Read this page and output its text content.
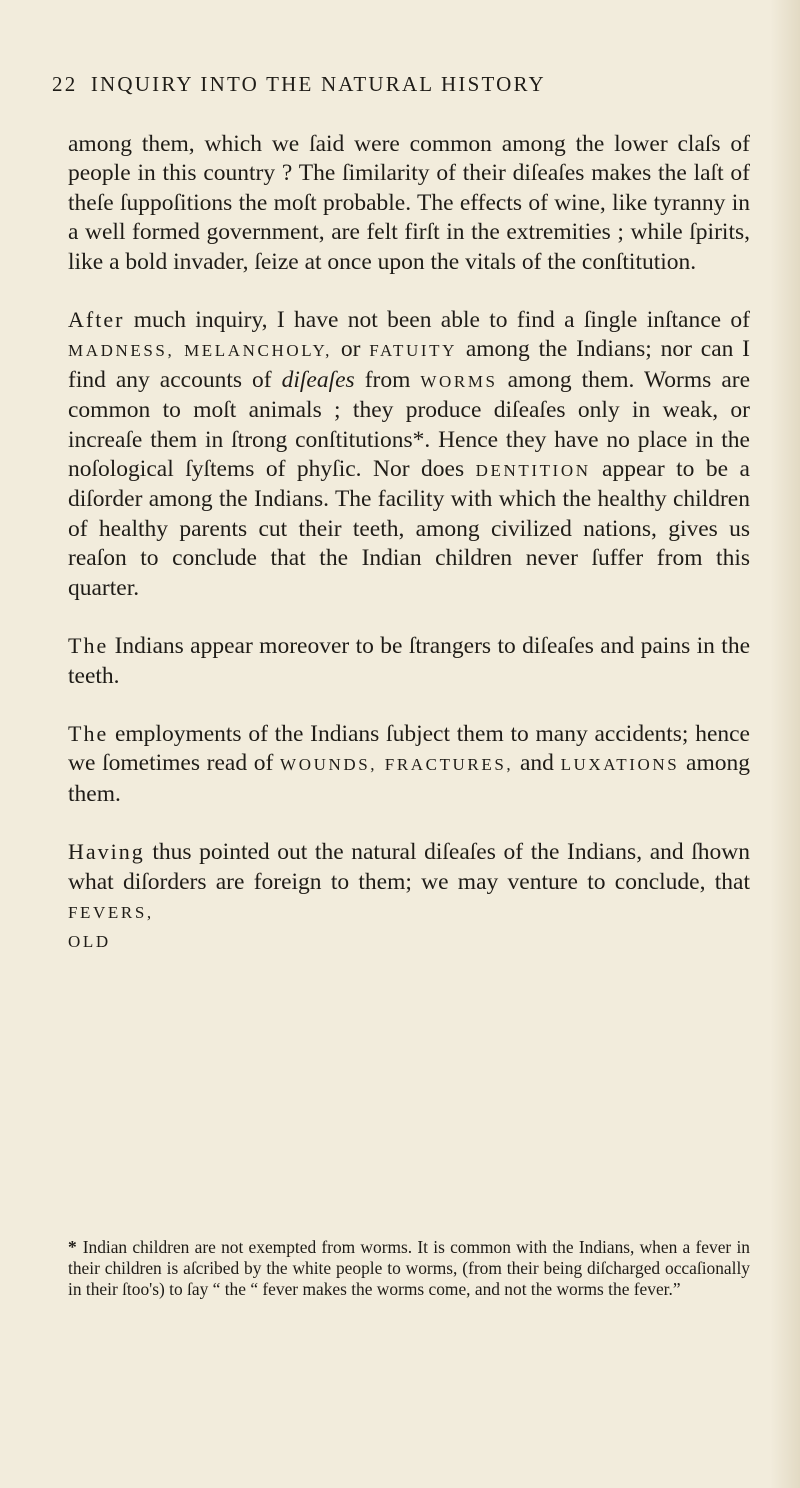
22 INQUIRY INTO THE NATURAL HISTORY

among them, which we ſaid were common among the lower claſs of people in this country ? The ſimilarity of their diſeaſes makes the laſt of theſe ſuppoſitions the moſt probable. The effects of wine, like tyranny in a well formed government, are felt firſt in the extremities ; while ſpirits, like a bold invader, ſeize at once upon the vitals of the conſtitution.

After much inquiry, I have not been able to find a ſingle inſtance of MADNESS, MELANCHOLY, or FATUITY among the Indians; nor can I find any accounts of diſeaſes from WORMS among them. Worms are common to moſt animals ; they produce diſeaſes only in weak, or increaſe them in ſtrong conſtitutions*. Hence they have no place in the noſological ſyſtems of phyſic. Nor does DENTITION appear to be a diſorder among the Indians. The facility with which the healthy children of healthy parents cut their teeth, among civilized nations, gives us reaſon to conclude that the Indian children never ſuffer from this quarter.

The Indians appear moreover to be ſtrangers to diſeaſes and pains in the teeth.

The employments of the Indians ſubject them to many accidents; hence we ſometimes read of WOUNDS, FRACTURES, and LUXATIONS among them.

Having thus pointed out the natural diſeaſes of the Indians, and ſhown what diſorders are foreign to them; we may venture to conclude, that FEVERS,

OLD

* Indian children are not exempted from worms. It is common with the Indians, when a fever in their children is aſcribed by the white people to worms, (from their being diſcharged occaſionally in their ſtoo's) to ſay “ the “ fever makes the worms come, and not the worms the fever.”
